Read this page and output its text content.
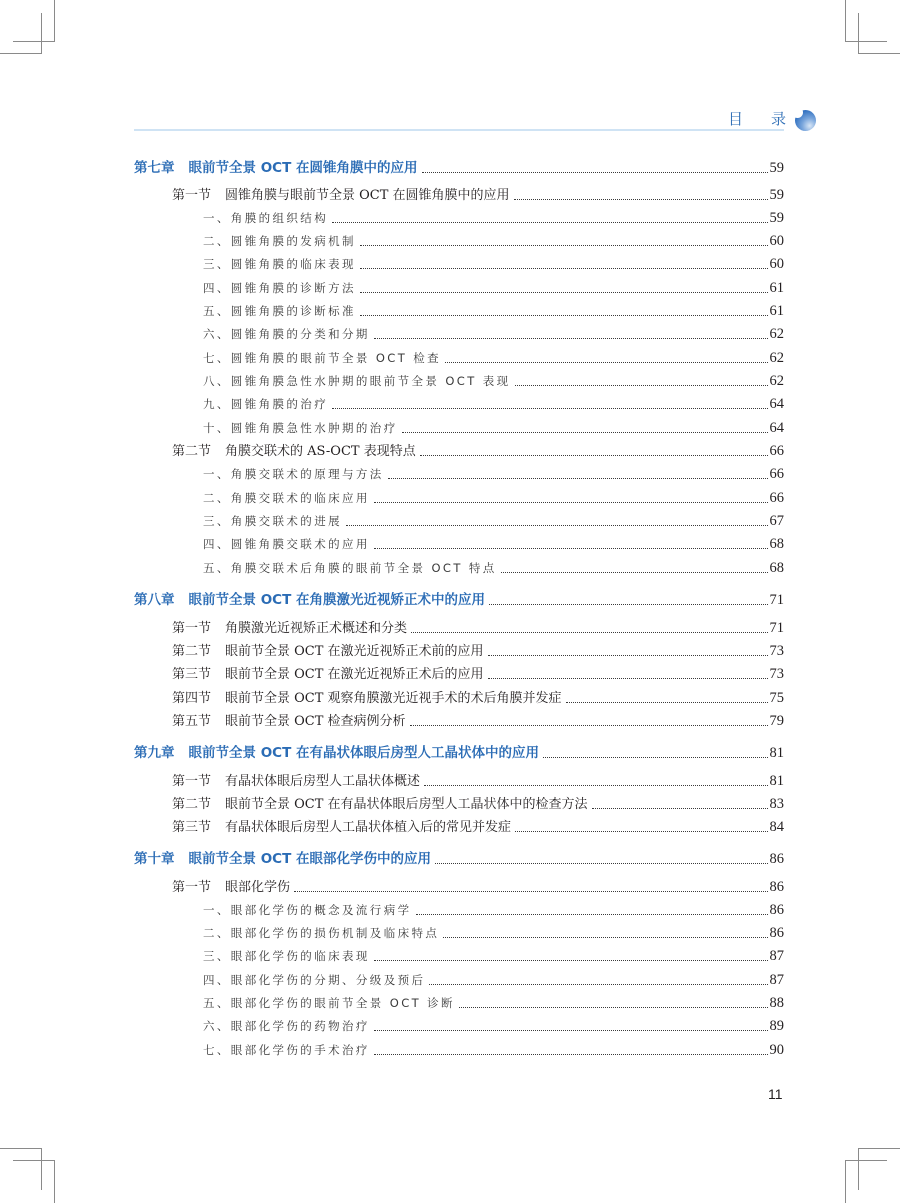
目 录
第七章 眼前节全景 OCT 在圆锥角膜中的应用	59
第一节 圆锥角膜与眼前节全景 OCT 在圆锥角膜中的应用	59
一、角膜的组织结构	59
二、圆锥角膜的发病机制	60
三、圆锥角膜的临床表现	60
四、圆锥角膜的诊断方法	61
五、圆锥角膜的诊断标准	61
六、圆锥角膜的分类和分期	62
七、圆锥角膜的眼前节全景 OCT 检查	62
八、圆锥角膜急性水肿期的眼前节全景 OCT 表现	62
九、圆锥角膜的治疗	64
十、圆锥角膜急性水肿期的治疗	64
第二节 角膜交联术的 AS-OCT 表现特点	66
一、角膜交联术的原理与方法	66
二、角膜交联术的临床应用	66
三、角膜交联术的进展	67
四、圆锥角膜交联术的应用	68
五、角膜交联术后角膜的眼前节全景 OCT 特点	68
第八章 眼前节全景 OCT 在角膜激光近视矫正术中的应用	71
第一节 角膜激光近视矫正术概述和分类	71
第二节 眼前节全景 OCT 在激光近视矫正术前的应用	73
第三节 眼前节全景 OCT 在激光近视矫正术后的应用	73
第四节 眼前节全景 OCT 观察角膜激光近视手术的术后角膜并发症	75
第五节 眼前节全景 OCT 检查病例分析	79
第九章 眼前节全景 OCT 在有晶状体眼后房型人工晶状体中的应用	81
第一节 有晶状体眼后房型人工晶状体概述	81
第二节 眼前节全景 OCT 在有晶状体眼后房型人工晶状体中的检查方法	83
第三节 有晶状体眼后房型人工晶状体植入后的常见并发症	84
第十章 眼前节全景 OCT 在眼部化学伤中的应用	86
第一节 眼部化学伤	86
一、眼部化学伤的概念及流行病学	86
二、眼部化学伤的损伤机制及临床特点	86
三、眼部化学伤的临床表现	87
四、眼部化学伤的分期、分级及预后	87
五、眼部化学伤的眼前节全景 OCT 诊断	88
六、眼部化学伤的药物治疗	89
七、眼部化学伤的手术治疗	90
11
